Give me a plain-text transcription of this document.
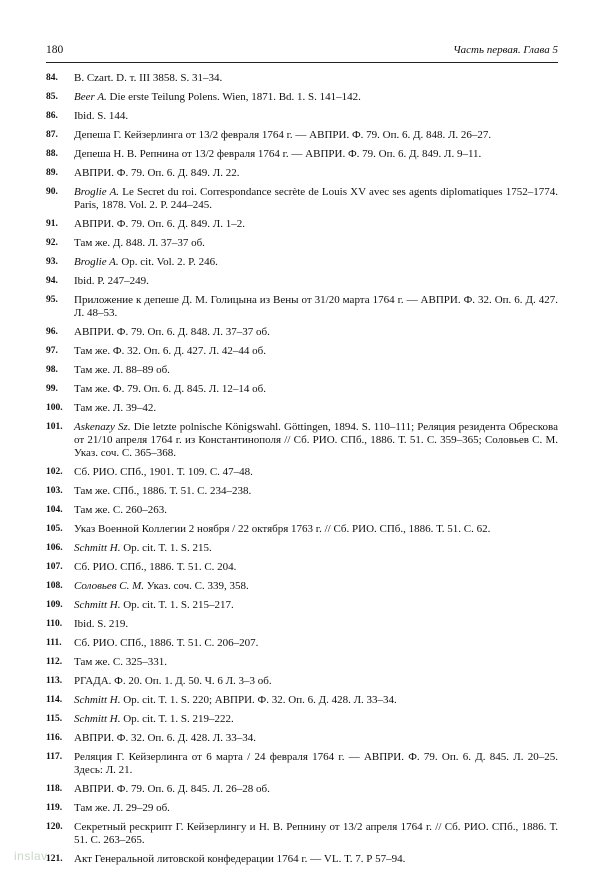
180	Часть первая. Глава 5
84.	B. Czart. D. т. III 3858. S. 31–34.
85.	Beer A. Die erste Teilung Polens. Wien, 1871. Bd. 1. S. 141–142.
86.	Ibid. S. 144.
87.	Депеша Г. Кейзерлинга от 13/2 февраля 1764 г. — АВПРИ. Ф. 79. Оп. 6. Д. 848. Л. 26–27.
88.	Депеша Н. В. Репнина от 13/2 февраля 1764 г. — АВПРИ. Ф. 79. Оп. 6. Д. 849. Л. 9–11.
89.	АВПРИ. Ф. 79. Оп. 6. Д. 849. Л. 22.
90.	Broglie A. Le Secret du roi. Correspondance secrète de Louis XV avec ses agents diplomatiques 1752–1774. Paris, 1878. Vol. 2. P. 244–245.
91.	АВПРИ. Ф. 79. Оп. 6. Д. 849. Л. 1–2.
92.	Там же. Д. 848. Л. 37–37 об.
93.	Broglie A. Op. cit. Vol. 2. P. 246.
94.	Ibid. P. 247–249.
95.	Приложение к депеше Д. М. Голицына из Вены от 31/20 марта 1764 г. — АВПРИ. Ф. 32. Оп. 6. Д. 427. Л. 48–53.
96.	АВПРИ. Ф. 79. Оп. 6. Д. 848. Л. 37–37 об.
97.	Там же. Ф. 32. Оп. 6. Д. 427. Л. 42–44 об.
98.	Там же. Л. 88–89 об.
99.	Там же. Ф. 79. Оп. 6. Д. 845. Л. 12–14 об.
100.	Там же. Л. 39–42.
101.	Askenazy Sz. Die letzte polnische Königswahl. Göttingen, 1894. S. 110–111; Реляция резидента Обрескова от 21/10 апреля 1764 г. из Константинополя // Сб. РИО. СПб., 1886. Т. 51. С. 359–365; Соловьев С. М. Указ. соч. С. 365–368.
102.	Сб. РИО. СПб., 1901. Т. 109. С. 47–48.
103.	Там же. СПб., 1886. Т. 51. С. 234–238.
104.	Там же. С. 260–263.
105.	Указ Военной Коллегии 2 ноября / 22 октября 1763 г. // Сб. РИО. СПб., 1886. Т. 51. С. 62.
106.	Schmitt H. Op. cit. T. 1. S. 215.
107.	Сб. РИО. СПб., 1886. Т. 51. С. 204.
108.	Соловьев С. М. Указ. соч. С. 339, 358.
109.	Schmitt H. Op. cit. T. 1. S. 215–217.
110.	Ibid. S. 219.
111.	Сб. РИО. СПб., 1886. Т. 51. С. 206–207.
112.	Там же. С. 325–331.
113.	РГАДА. Ф. 20. Оп. 1. Д. 50. Ч. 6 Л. 3–3 об.
114.	Schmitt H. Op. cit. T. 1. S. 220; АВПРИ. Ф. 32. Оп. 6. Д. 428. Л. 33–34.
115.	Schmitt H. Op. cit. T. 1. S. 219–222.
116.	АВПРИ. Ф. 32. Оп. 6. Д. 428. Л. 33–34.
117.	Реляция Г. Кейзерлинга от 6 марта / 24 февраля 1764 г. — АВПРИ. Ф. 79. Оп. 6. Д. 845. Л. 20–25. Здесь: Л. 21.
118.	АВПРИ. Ф. 79. Оп. 6. Д. 845. Л. 26–28 об.
119.	Там же. Л. 29–29 об.
120.	Секретный рескрипт Г. Кейзерлингу и Н. В. Репнину от 13/2 апреля 1764 г. // Сб. РИО. СПб., 1886. Т. 51. С. 263–265.
121.	Акт Генеральной литовской конфедерации 1764 г. — VL. Т. 7. Р 57–94.
inslav
